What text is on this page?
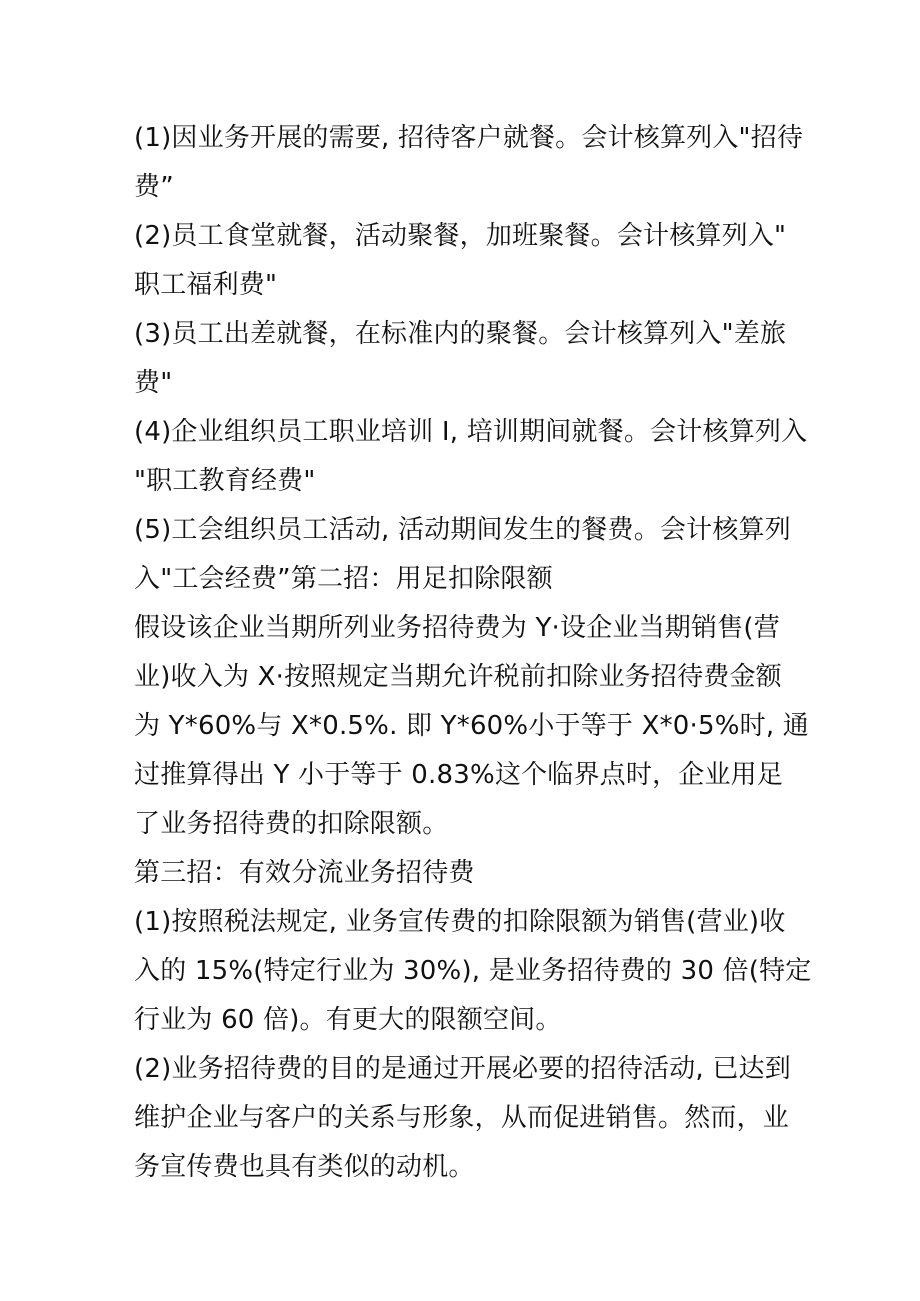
(1)因业务开展的需要, 招待客户就餐。会计核算列入"招待
费”
(2)员工食堂就餐，活动聚餐，加班聚餐。会计核算列入"
职工福利费"
(3)员工出差就餐，在标准内的聚餐。会计核算列入"差旅
费"
(4)企业组织员工职业培训 I, 培训期间就餐。会计核算列入
"职工教育经费"
(5)工会组织员工活动, 活动期间发生的餐费。会计核算列
入"工会经费”第二招：用足扣除限额
假设该企业当期所列业务招待费为 Y·设企业当期销售(营
业)收入为 X·按照规定当期允许税前扣除业务招待费金额
为 Y*60%与 X*0.5%. 即 Y*60%小于等于 X*0·5%时, 通
过推算得出 Y 小于等于 0.83%这个临界点时，企业用足
了业务招待费的扣除限额。
第三招：有效分流业务招待费
(1)按照税法规定, 业务宣传费的扣除限额为销售(营业)收
入的 15%(特定行业为 30%), 是业务招待费的 30 倍(特定
行业为 60 倍)。有更大的限额空间。
(2)业务招待费的目的是通过开展必要的招待活动, 已达到
维护企业与客户的关系与形象，从而促进销售。然而，业
务宣传费也具有类似的动机。
